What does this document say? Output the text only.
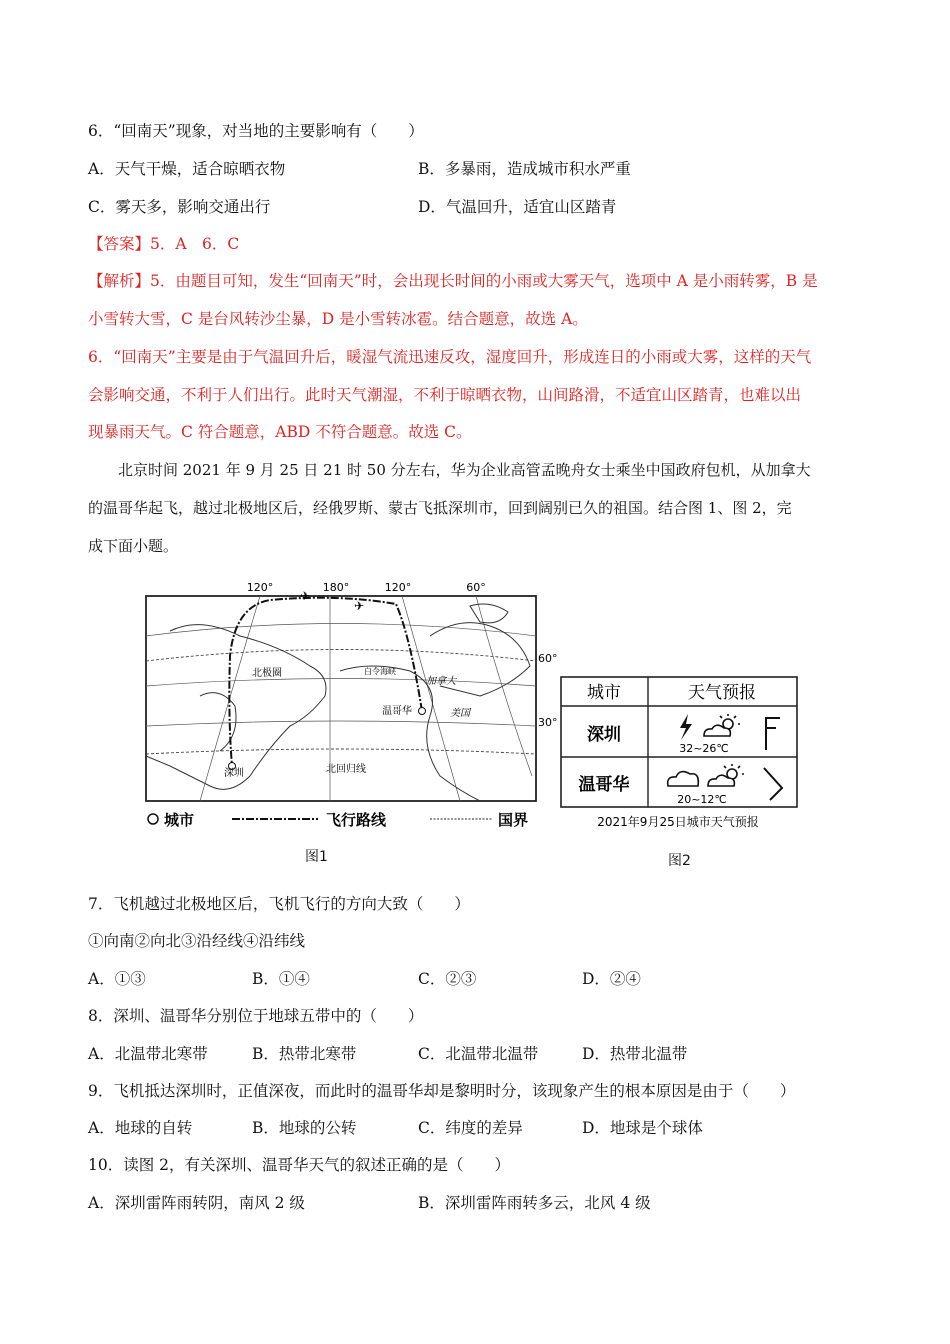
6．“回南天”现象，对当地的主要影响有（　　）
A．天气干燥，适合晾晒衣物	B．多暴雨，造成城市积水严重
C．雾天多，影响交通出行	D．气温回升，适宜山区踏青
【答案】5．A　6．C
【解析】5．由题目可知，发生“回南天”时，会出现长时间的小雨或大雾天气，选项中 A 是小雨转雾，B 是
小雪转大雪，C 是台风转沙尘暴，D 是小雪转冰雹。结合题意，故选 A。
6．“回南天”主要是由于气温回升后，暖湿气流迅速反攻，湿度回升，形成连日的小雨或大雾，这样的天气
会影响交通，不利于人们出行。此时天气潮湿，不利于晾晒衣物，山间路滑，不适宜山区踏青，也难以出
现暴雨天气。C 符合题意，ABD 不符合题意。故选 C。
北京时间 2021 年 9 月 25 日 21 时 50 分左右，华为企业高管孟晚舟女士乘坐中国政府包机，从加拿大
的温哥华起飞，越过北极地区后，经俄罗斯、蒙古飞抵深圳市，回到阔别已久的祖国。结合图 1、图 2，完
成下面小题。
120°	180°	120°	60°
60°
30°
✈
✈
北极圈
北回归线
深圳
温哥华
加拿大
美国
白令海峡
城市	飞行路线	国界
图1
城市	天气预报
深圳
32~26℃
温哥华
20~12℃
2021年9月25日城市天气预报
图2
7．飞机越过北极地区后，飞机飞行的方向大致（　　）
①向南②向北③沿经线④沿纬线
A．①③	B．①④	C．②③	D．②④
8．深圳、温哥华分别位于地球五带中的（　　）
A．北温带北寒带	B．热带北寒带	C．北温带北温带	D．热带北温带
9．飞机抵达深圳时，正值深夜，而此时的温哥华却是黎明时分，该现象产生的根本原因是由于（　　）
A．地球的自转	B．地球的公转	C．纬度的差异	D．地球是个球体
10．读图 2，有关深圳、温哥华天气的叙述正确的是（　　）
A．深圳雷阵雨转阴，南风 2 级	B．深圳雷阵雨转多云，北风 4 级
